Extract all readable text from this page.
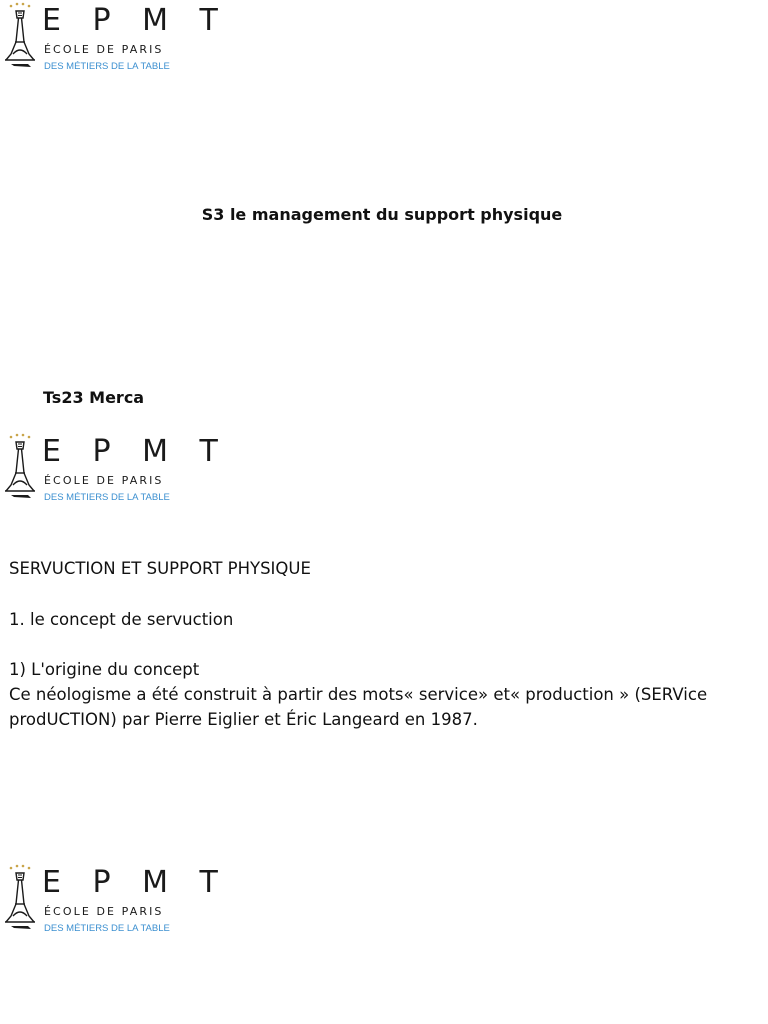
E P M T
ÉCOLE DE PARIS
DES MÉTIERS DE LA TABLE
S3 le management du support physique
Ts23 Merca
E P M T
ÉCOLE DE PARIS
DES MÉTIERS DE LA TABLE
SERVUCTION ET SUPPORT PHYSIQUE
1. le concept de servuction
1) L'origine du concept
Ce néologisme a été construit à partir des mots« service» et« production » (SERVice
prodUCTION) par Pierre Eiglier et Éric Langeard en 1987.
E P M T
ÉCOLE DE PARIS
DES MÉTIERS DE LA TABLE
